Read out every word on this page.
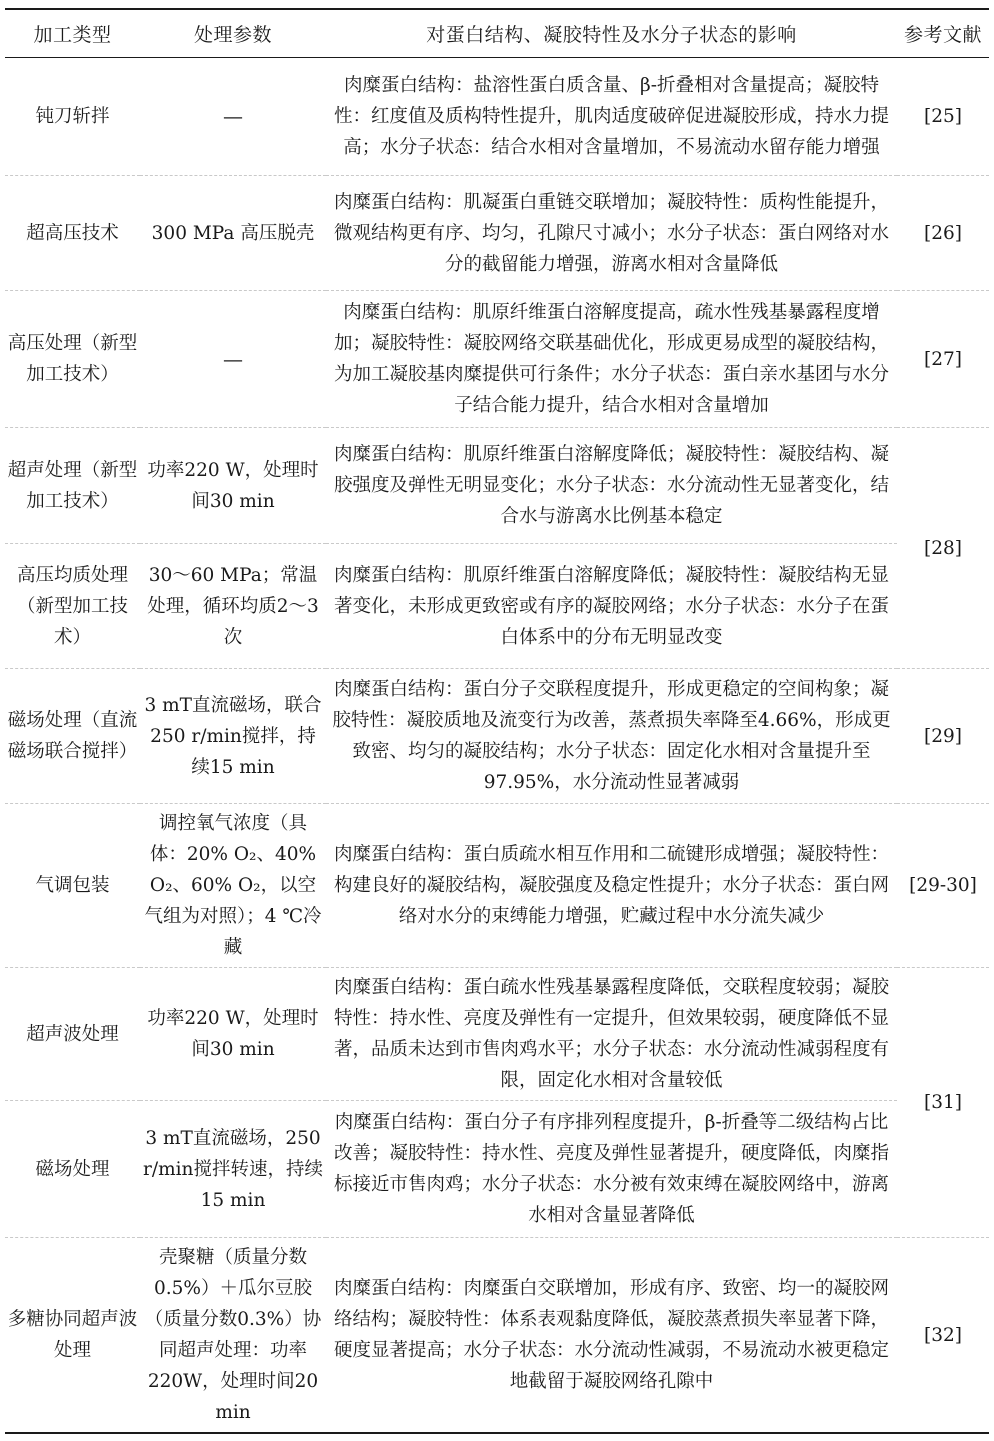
加工类型	处理参数	对蛋白结构、凝胶特性及水分子状态的影响	参考文献
钝刀斩拌	—	肉糜蛋白结构：盐溶性蛋白质含量、β-折叠相对含量提高；凝胶特性：红度值及质构特性提升，肌肉适度破碎促进凝胶形成，持水力提高；水分子状态：结合水相对含量增加，不易流动水留存能力增强	[25]
超高压技术	300 MPa 高压脱壳	肉糜蛋白结构：肌凝蛋白重链交联增加；凝胶特性：质构性能提升，微观结构更有序、均匀，孔隙尺寸减小；水分子状态：蛋白网络对水分的截留能力增强，游离水相对含量降低	[26]
高压处理（新型加工技术）	—	肉糜蛋白结构：肌原纤维蛋白溶解度提高，疏水性残基暴露程度增加；凝胶特性：凝胶网络交联基础优化，形成更易成型的凝胶结构，为加工凝胶基肉糜提供可行条件；水分子状态：蛋白亲水基团与水分子结合能力提升，结合水相对含量增加	[27]
超声处理（新型加工技术）	功率220 W，处理时间30 min	肉糜蛋白结构：肌原纤维蛋白溶解度降低；凝胶特性：凝胶结构、凝胶强度及弹性无明显变化；水分子状态：水分流动性无显著变化，结合水与游离水比例基本稳定	[28]
高压均质处理（新型加工技术）	30～60 MPa；常温处理，循环均质2～3 次	肉糜蛋白结构：肌原纤维蛋白溶解度降低；凝胶特性：凝胶结构无显著变化，未形成更致密或有序的凝胶网络；水分子状态：水分子在蛋白体系中的分布无明显改变	
磁场处理（直流磁场联合搅拌）	3 mT直流磁场，联合250 r/min搅拌，持续15 min	肉糜蛋白结构：蛋白分子交联程度提升，形成更稳定的空间构象；凝胶特性：凝胶质地及流变行为改善，蒸煮损失率降至4.66%，形成更致密、均匀的凝胶结构；水分子状态：固定化水相对含量提升至97.95%，水分流动性显著减弱	[29]
气调包装	调控氧气浓度（具体：20% O₂、40% O₂、60% O₂，以空气组为对照）；4 ℃冷藏	肉糜蛋白结构：蛋白质疏水相互作用和二硫键形成增强；凝胶特性：构建良好的凝胶结构，凝胶强度及稳定性提升；水分子状态：蛋白网络对水分的束缚能力增强，贮藏过程中水分流失减少	[29-30]
超声波处理	功率220 W，处理时间30 min	肉糜蛋白结构：蛋白疏水性残基暴露程度降低，交联程度较弱；凝胶特性：持水性、亮度及弹性有一定提升，但效果较弱，硬度降低不显著，品质未达到市售肉鸡水平；水分子状态：水分流动性减弱程度有限，固定化水相对含量较低	[31]
磁场处理	3 mT直流磁场，250 r/min搅拌转速，持续15 min	肉糜蛋白结构：蛋白分子有序排列程度提升，β-折叠等二级结构占比改善；凝胶特性：持水性、亮度及弹性显著提升，硬度降低，肉糜指标接近市售肉鸡；水分子状态：水分被有效束缚在凝胶网络中，游离水相对含量显著降低	
多糖协同超声波处理	壳聚糖（质量分数0.5%）＋瓜尔豆胶（质量分数0.3%）协同超声处理：功率220W，处理时间20 min	肉糜蛋白结构：肉糜蛋白交联增加，形成有序、致密、均一的凝胶网络结构；凝胶特性：体系表观黏度降低，凝胶蒸煮损失率显著下降，硬度显著提高；水分子状态：水分流动性减弱，不易流动水被更稳定地截留于凝胶网络孔隙中	[32]
